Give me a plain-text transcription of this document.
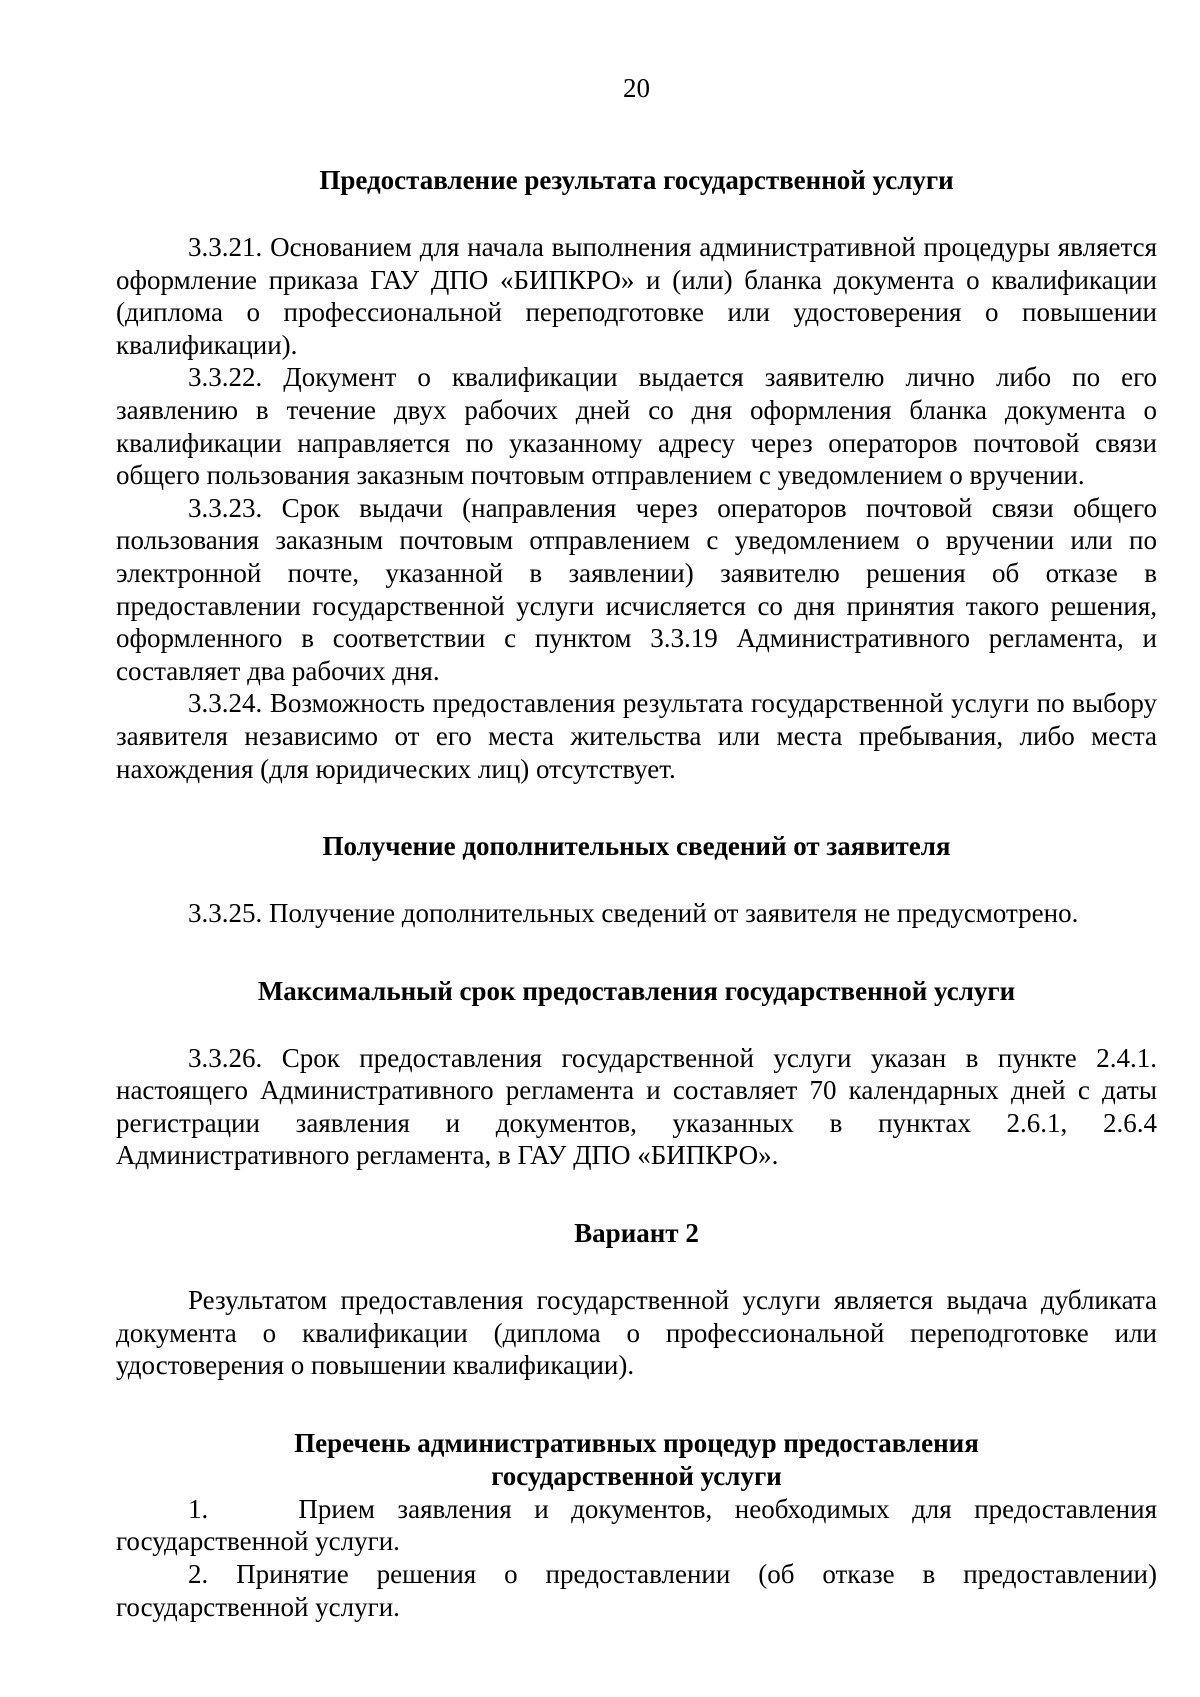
20
Предоставление результата государственной услуги

3.3.21. Основанием для начала выполнения административной процедуры является оформление приказа ГАУ ДПО «БИПКРО» и (или) бланка документа о квалификации (диплома о профессиональной переподготовке или удостоверения о повышении квалификации).

3.3.22. Документ о квалификации выдается заявителю лично либо по его заявлению в течение двух рабочих дней со дня оформления бланка документа о квалификации направляется по указанному адресу через операторов почтовой связи общего пользования заказным почтовым отправлением с уведомлением о вручении.

3.3.23. Срок выдачи (направления через операторов почтовой связи общего пользования заказным почтовым отправлением с уведомлением о вручении или по электронной почте, указанной в заявлении) заявителю решения об отказе в предоставлении государственной услуги исчисляется со дня принятия такого решения, оформленного в соответствии с пунктом 3.3.19 Административного регламента, и составляет два рабочих дня.

3.3.24. Возможность предоставления результата государственной услуги по выбору заявителя независимо от его места жительства или места пребывания, либо места нахождения (для юридических лиц) отсутствует.

Получение дополнительных сведений от заявителя

3.3.25. Получение дополнительных сведений от заявителя не предусмотрено.

Максимальный срок предоставления государственной услуги

3.3.26. Срок предоставления государственной услуги указан в пункте 2.4.1. настоящего Административного регламента и составляет 70 календарных дней с даты регистрации заявления и документов, указанных в пунктах 2.6.1, 2.6.4 Административного регламента, в ГАУ ДПО «БИПКРО».

Вариант 2

Результатом предоставления государственной услуги является выдача дубликата документа о квалификации (диплома о профессиональной переподготовке или удостоверения о повышении квалификации).

Перечень административных процедур предоставления
государственной услуги

1.    Прием заявления и документов, необходимых для предоставления государственной услуги.

2. Принятие решения о предоставлении (об отказе в предоставлении) государственной услуги.
